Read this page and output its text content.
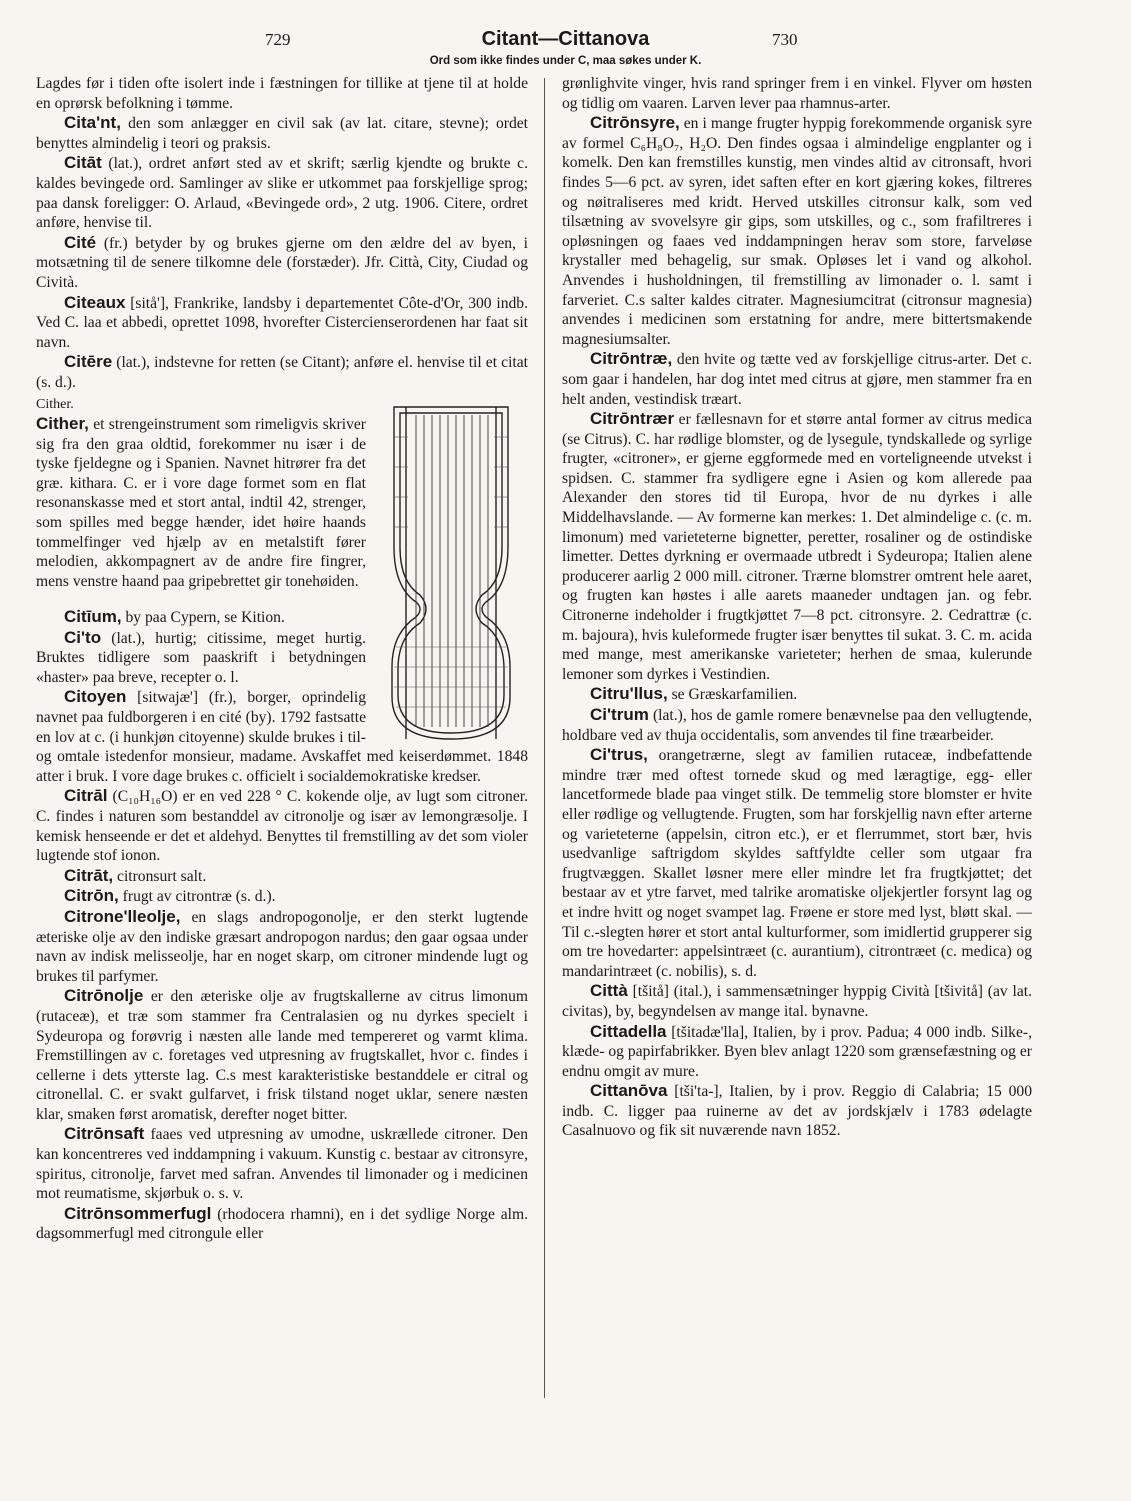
729	Citant—Cittanova	730
Ord som ikke findes under C, maa søkes under K.

Lagdes før i tiden ofte isolert inde i fæstningen for tillike at tjene til at holde en oprørsk befolkning i tømme.

Cita'nt, den som anlægger en civil sak (av lat. citare, stevne); ordet benyttes almindelig i teori og praksis.

Citāt (lat.), ordret anført sted av et skrift; særlig kjendte og brukte c. kaldes bevingede ord. Samlinger av slike er utkommet paa forskjellige sprog; paa dansk foreligger: O. Arlaud, «Bevingede ord», 2 utg. 1906. Citere, ordret anføre, henvise til.

Cité (fr.) betyder by og brukes gjerne om den ældre del av byen, i motsætning til de senere tilkomne dele (forstæder). Jfr. Città, City, Ciudad og Cività.

Citeaux [sitå'], Frankrike, landsby i departementet Côte-d'Or, 300 indb. Ved C. laa et abbedi, oprettet 1098, hvorefter Cistercienserordenen har faat sit navn.

Citēre (lat.), indstevne for retten (se Citant); anføre el. henvise til et citat (s. d.).

Cither.
Cither, et strengeinstrument som rimeligvis skriver sig fra den graa oldtid, forekommer nu især i de tyske fjeldegne og i Spanien. Navnet hitrører fra det græ. kithara. C. er i vore dage formet som en flat resonanskasse med et stort antal, indtil 42, strenger, som spilles med begge hænder, idet høire haands tommelfinger ved hjælp av en metalstift fører melodien, akkompagnert av de andre fire fingrer, mens venstre haand paa gripebrettet gir tonehøiden.

Citīum, by paa Cypern, se Kition.

Ci'to (lat.), hurtig; citissime, meget hurtig. Bruktes tidligere som paaskrift i betydningen «haster» paa breve, recepter o. l.

Citoyen [sitwajæ'] (fr.), borger, oprindelig navnet paa fuldborgeren i en cité (by). 1792 fastsatte en lov at c. (i hunkjøn citoyenne) skulde brukes i til- og omtale istedenfor monsieur, madame. Avskaffet med keiserdømmet. 1848 atter i bruk. I vore dage brukes c. officielt i socialdemokratiske kredser.

Citrāl (C₁₀H₁₆O) er en ved 228 ° C. kokende olje, av lugt som citroner. C. findes i naturen som bestanddel av citronolje og især av lemongræsolje. I kemisk henseende er det et aldehyd. Benyttes til fremstilling av det som violer lugtende stof ionon.

Citrāt, citronsurt salt.

Citrōn, frugt av citrontræ (s. d.).

Citrone'lleolje, en slags andropogonolje, er den sterkt lugtende æteriske olje av den indiske græsart andropogon nardus; den gaar ogsaa under navn av indisk melisseolje, har en noget skarp, om citroner mindende lugt og brukes til parfymer.

Citrōnolje er den æteriske olje av frugtskallerne av citrus limonum (rutaceæ), et træ som stammer fra Centralasien og nu dyrkes specielt i Sydeuropa og forøvrig i næsten alle lande med tempereret og varmt klima. Fremstillingen av c. foretages ved utpresning av frugtskallet, hvor c. findes i cellerne i dets ytterste lag. C.s mest karakteristiske bestanddele er citral og citronellal. C. er svakt gulfarvet, i frisk tilstand noget uklar, senere næsten klar, smaken først aromatisk, derefter noget bitter.

Citrōnsaft faaes ved utpresning av umodne, uskrællede citroner. Den kan koncentreres ved inddampning i vakuum. Kunstig c. bestaar av citronsyre, spiritus, citronolje, farvet med safran. Anvendes til limonader og i medicinen mot reumatisme, skjørbuk o. s. v.

Citrōnsommerfugl (rhodocera rhamni), en i det sydlige Norge alm. dagsommerfugl med citrongule eller

grønlighvite vinger, hvis rand springer frem i en vinkel. Flyver om høsten og tidlig om vaaren. Larven lever paa rhamnus-arter.

Citrōnsyre, en i mange frugter hyppig forekommende organisk syre av formel C₆H₈O₇, H₂O. Den findes ogsaa i almindelige engplanter og i komelk. Den kan fremstilles kunstig, men vindes altid av citronsaft, hvori findes 5—6 pct. av syren, idet saften efter en kort gjæring kokes, filtreres og nøitraliseres med kridt. Herved utskilles citronsur kalk, som ved tilsætning av svovelsyre gir gips, som utskilles, og c., som frafiltreres i opløsningen og faaes ved inddampningen herav som store, farveløse krystaller med behagelig, sur smak. Opløses let i vand og alkohol. Anvendes i husholdningen, til fremstilling av limonader o. l. samt i farveriet. C.s salter kaldes citrater. Magnesiumcitrat (citronsur magnesia) anvendes i medicinen som erstatning for andre, mere bittertsmakende magnesiumsalter.

Citrōntræ, den hvite og tætte ved av forskjellige citrus-arter. Det c. som gaar i handelen, har dog intet med citrus at gjøre, men stammer fra en helt anden, vestindisk træart.

Citrōntrær er fællesnavn for et større antal former av citrus medica (se Citrus). C. har rødlige blomster, og de lysegule, tyndskallede og syrlige frugter, «citroner», er gjerne eggformede med en vorteligneende utvekst i spidsen. C. stammer fra sydligere egne i Asien og kom allerede paa Alexander den stores tid til Europa, hvor de nu dyrkes i alle Middelhavslande. — Av formerne kan merkes: 1. Det almindelige c. (c. m. limonum) med varieteterne bignetter, peretter, rosaliner og de ostindiske limetter. Dettes dyrkning er overmaade utbredt i Sydeuropa; Italien alene producerer aarlig 2 000 mill. citroner. Trærne blomstrer omtrent hele aaret, og frugten kan høstes i alle aarets maaneder undtagen jan. og febr. Citronerne indeholder i frugtkjøttet 7—8 pct. citronsyre. 2. Cedrattræ (c. m. bajoura), hvis kuleformede frugter især benyttes til sukat. 3. C. m. acida med mange, mest amerikanske varieteter; herhen de smaa, kulerunde lemoner som dyrkes i Vestindien.

Citru'llus, se Græskarfamilien.

Ci'trum (lat.), hos de gamle romere benævnelse paa den vellugtende, holdbare ved av thuja occidentalis, som anvendes til fine træarbeider.

Ci'trus, orangetrærne, slegt av familien rutaceæ, indbefattende mindre trær med oftest tornede skud og med læragtige, egg- eller lancetformede blade paa vinget stilk. De temmelig store blomster er hvite eller rødlige og vellugtende. Frugten, som har forskjellig navn efter arterne og varieteterne (appelsin, citron etc.), er et flerrummet, stort bær, hvis usedvanlige saftrigdom skyldes saftfyldte celler som utgaar fra frugtvæggen. Skallet løsner mere eller mindre let fra frugtkjøttet; det bestaar av et ytre farvet, med talrike aromatiske oljekjertler forsynt lag og et indre hvitt og noget svampet lag. Frøene er store med lyst, bløtt skal. — Til c.-slegten hører et stort antal kulturformer, som imidlertid grupperer sig om tre hovedarter: appelsintræet (c. aurantium), citrontræet (c. medica) og mandarintræet (c. nobilis), s. d.

Città [tšitå] (ital.), i sammensætninger hyppig Cività [tšivitå] (av lat. civitas), by, begyndelsen av mange ital. bynavne.

Cittadella [tšitadæ'lla], Italien, by i prov. Padua; 4 000 indb. Silke-, klæde- og papirfabrikker. Byen blev anlagt 1220 som grænsefæstning og er endnu omgit av mure.

Cittanōva [tši'ta-], Italien, by i prov. Reggio di Calabria; 15 000 indb. C. ligger paa ruinerne av det av jordskjælv i 1783 ødelagte Casalnuovo og fik sit nuværende navn 1852.
